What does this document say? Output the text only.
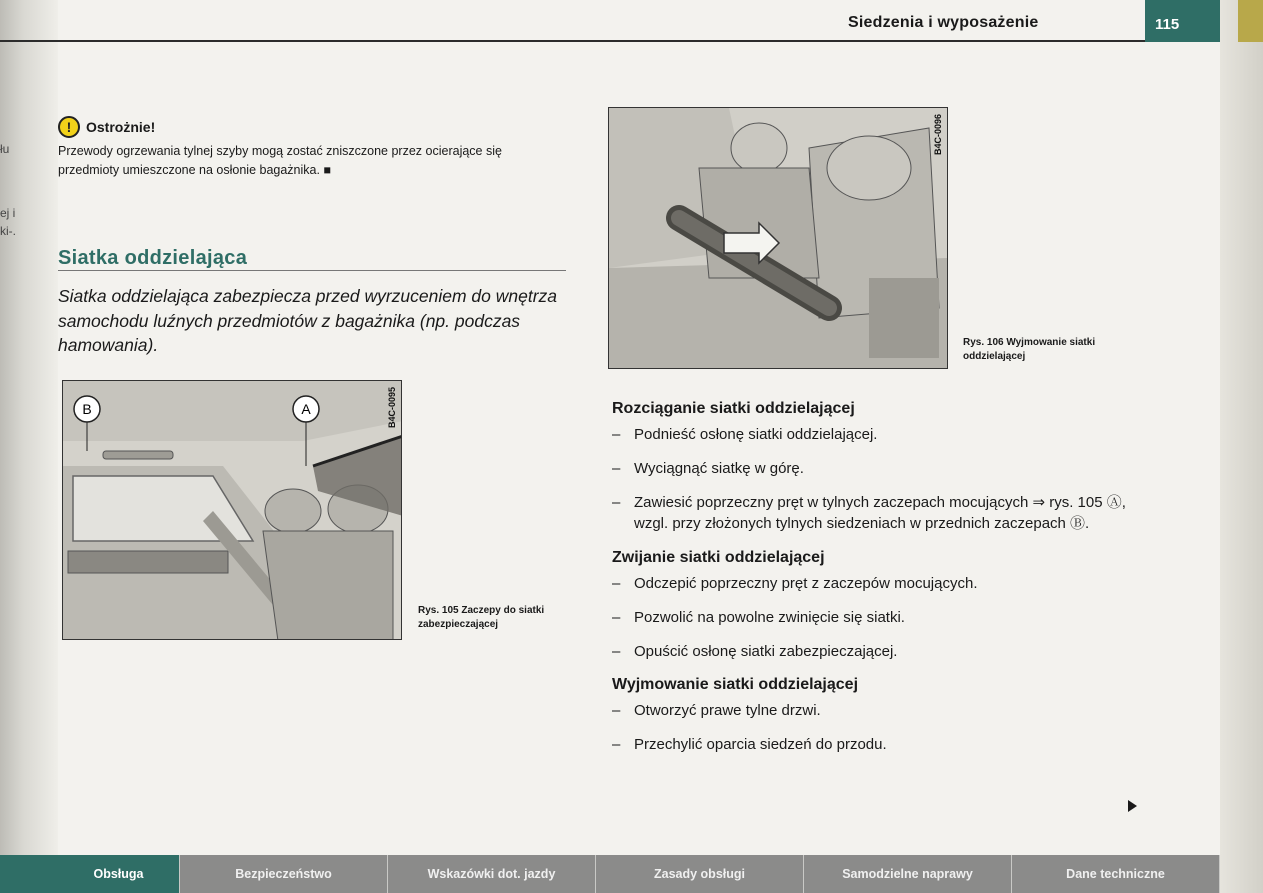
łu
ej i
ki-.
Siedzenia i wyposażenie	115
!	Ostrożnie!
Przewody ogrzewania tylnej szyby mogą zostać zniszczone przez ocierające się przedmioty umieszczone na osłonie bagażnika. ■
Siatka oddzielająca
Siatka oddzielająca zabezpiecza przed wyrzuceniem do wnętrza samochodu luźnych przedmiotów z bagażnika (np. podczas hamowania).
B	A	B4C-0095
Rys. 105 Zaczepy do siatki zabezpieczającej
B4C-0096
Rys. 106 Wyjmowanie siatki oddzielającej
Rozciąganie siatki oddzielającej
– Podnieść osłonę siatki oddzielającej.
– Wyciągnąć siatkę w górę.
– Zawiesić poprzeczny pręt w tylnych zaczepach mocujących ⇒ rys. 105 Ⓐ, wzgl. przy złożonych tylnych siedzeniach w przednich zaczepach Ⓑ.
Zwijanie siatki oddzielającej
– Odczepić poprzeczny pręt z zaczepów mocujących.
– Pozwolić na powolne zwinięcie się siatki.
– Opuścić osłonę siatki zabezpieczającej.
Wyjmowanie siatki oddzielającej
– Otworzyć prawe tylne drzwi.
– Przechylić oparcia siedzeń do przodu.
Obsługa	Bezpieczeństwo	Wskazówki dot. jazdy	Zasady obsługi	Samodzielne naprawy	Dane techniczne
